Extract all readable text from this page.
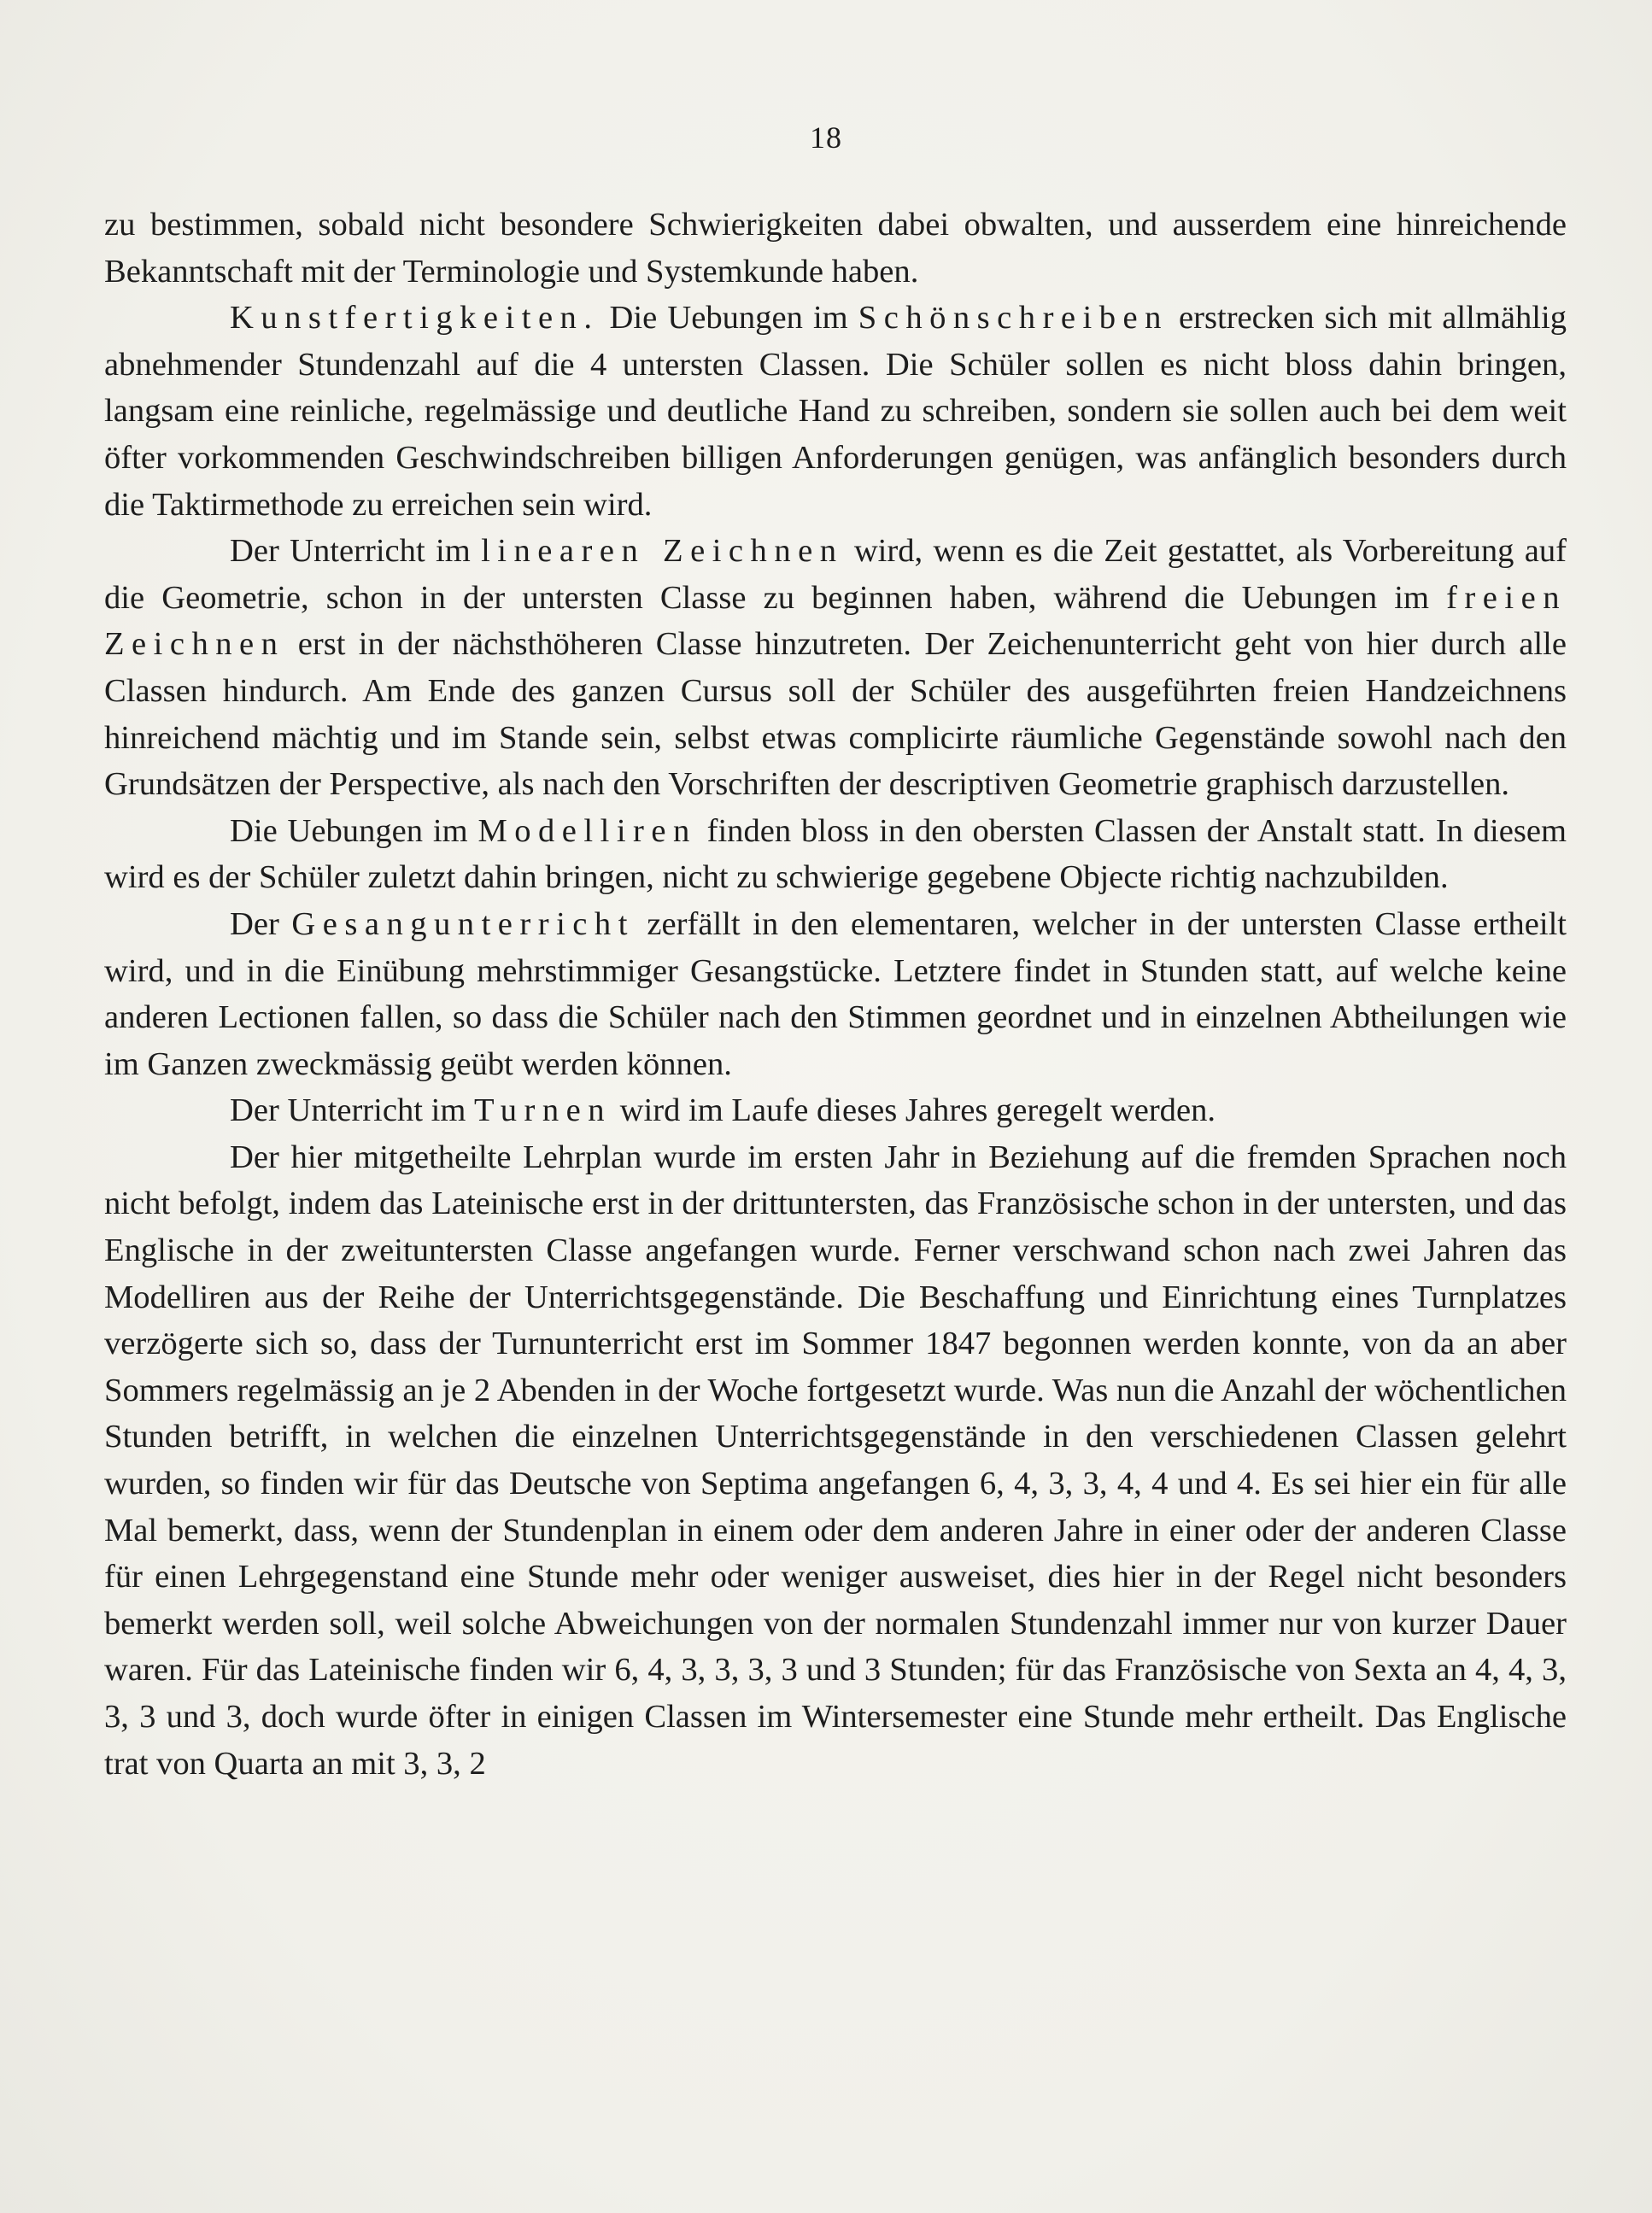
18

zu bestimmen, sobald nicht besondere Schwierigkeiten dabei obwalten, und ausserdem eine hinreichende Bekanntschaft mit der Terminologie und Systemkunde haben.

Kunstfertigkeiten. Die Uebungen im Schönschreiben erstrecken sich mit allmählig abnehmender Stundenzahl auf die 4 untersten Classen. Die Schüler sollen es nicht bloss dahin bringen, langsam eine reinliche, regelmässige und deutliche Hand zu schreiben, sondern sie sollen auch bei dem weit öfter vorkommenden Geschwindschreiben billigen Anforderungen genügen, was anfänglich besonders durch die Taktirmethode zu erreichen sein wird.

Der Unterricht im linearen Zeichnen wird, wenn es die Zeit gestattet, als Vorbereitung auf die Geometrie, schon in der untersten Classe zu beginnen haben, während die Uebungen im freien Zeichnen erst in der nächsthöheren Classe hinzutreten. Der Zeichenunterricht geht von hier durch alle Classen hindurch. Am Ende des ganzen Cursus soll der Schüler des ausgeführten freien Handzeichnens hinreichend mächtig und im Stande sein, selbst etwas complicirte räumliche Gegenstände sowohl nach den Grundsätzen der Perspective, als nach den Vorschriften der descriptiven Geometrie graphisch darzustellen.

Die Uebungen im Modelliren finden bloss in den obersten Classen der Anstalt statt. In diesem wird es der Schüler zuletzt dahin bringen, nicht zu schwierige gegebene Objecte richtig nachzubilden.

Der Gesangunterricht zerfällt in den elementaren, welcher in der untersten Classe ertheilt wird, und in die Einübung mehrstimmiger Gesangstücke. Letztere findet in Stunden statt, auf welche keine anderen Lectionen fallen, so dass die Schüler nach den Stimmen geordnet und in einzelnen Abtheilungen wie im Ganzen zweckmässig geübt werden können.

Der Unterricht im Turnen wird im Laufe dieses Jahres geregelt werden.

Der hier mitgetheilte Lehrplan wurde im ersten Jahr in Beziehung auf die fremden Sprachen noch nicht befolgt, indem das Lateinische erst in der drittuntersten, das Französische schon in der untersten, und das Englische in der zweituntersten Classe angefangen wurde. Ferner verschwand schon nach zwei Jahren das Modelliren aus der Reihe der Unterrichtsgegenstände. Die Beschaffung und Einrichtung eines Turnplatzes verzögerte sich so, dass der Turnunterricht erst im Sommer 1847 begonnen werden konnte, von da an aber Sommers regelmässig an je 2 Abenden in der Woche fortgesetzt wurde. Was nun die Anzahl der wöchentlichen Stunden betrifft, in welchen die einzelnen Unterrichtsgegenstände in den verschiedenen Classen gelehrt wurden, so finden wir für das Deutsche von Septima angefangen 6, 4, 3, 3, 4, 4 und 4. Es sei hier ein für alle Mal bemerkt, dass, wenn der Stundenplan in einem oder dem anderen Jahre in einer oder der anderen Classe für einen Lehrgegenstand eine Stunde mehr oder weniger ausweiset, dies hier in der Regel nicht besonders bemerkt werden soll, weil solche Abweichungen von der normalen Stundenzahl immer nur von kurzer Dauer waren. Für das Lateinische finden wir 6, 4, 3, 3, 3, 3 und 3 Stunden; für das Französische von Sexta an 4, 4, 3, 3, 3 und 3, doch wurde öfter in einigen Classen im Wintersemester eine Stunde mehr ertheilt. Das Englische trat von Quarta an mit 3, 3, 2
